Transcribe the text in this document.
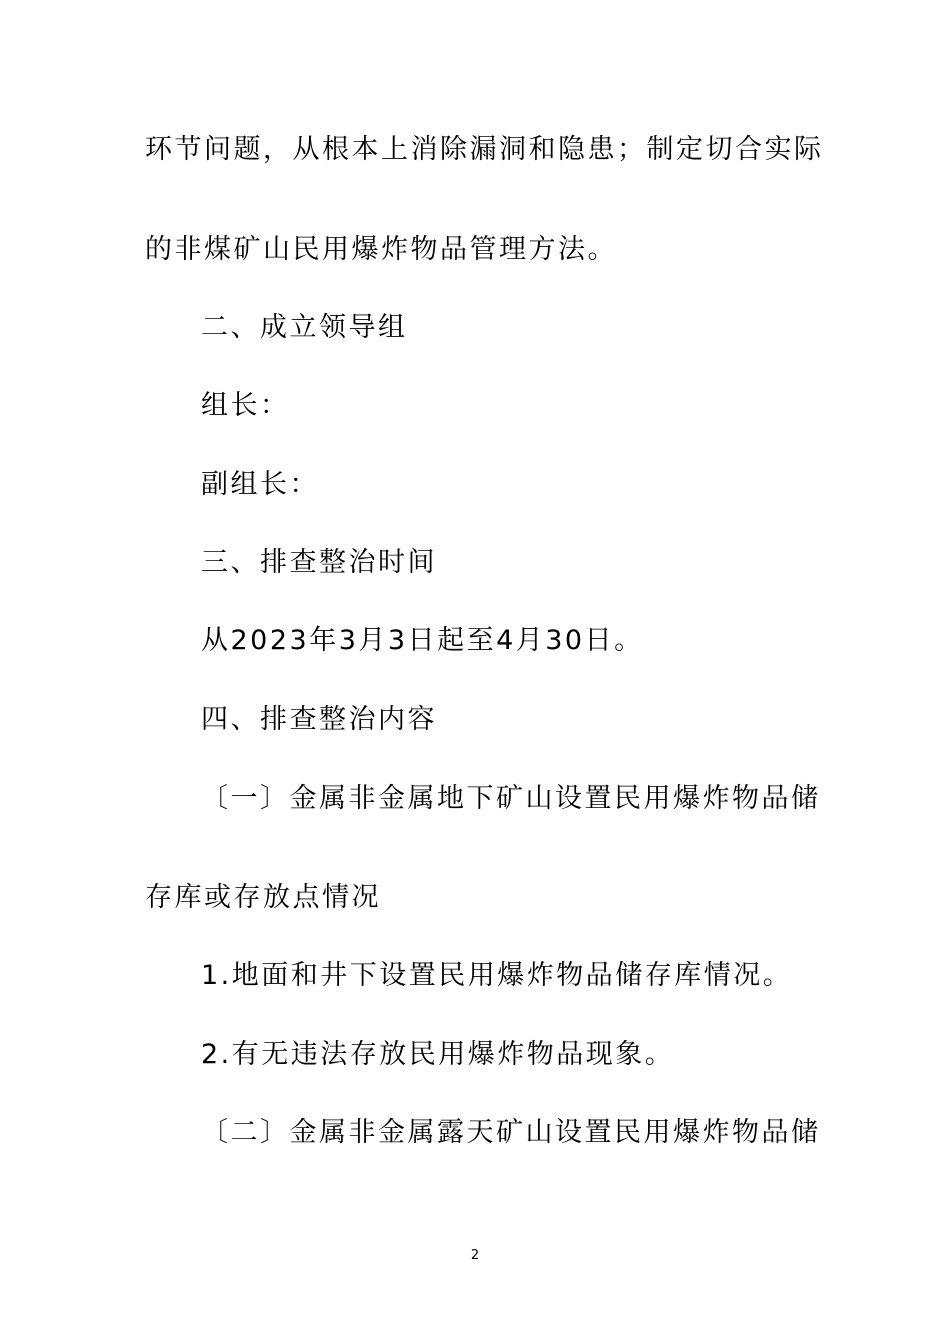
环节问题，从根本上消除漏洞和隐患；制定切合实际
的非煤矿山民用爆炸物品管理方法。
二、成立领导组
组长：
副组长：
三、排查整治时间
从2023年3月3日起至4月30日。
四、排查整治内容
〔一〕金属非金属地下矿山设置民用爆炸物品储
存库或存放点情况
1.地面和井下设置民用爆炸物品储存库情况。
2.有无违法存放民用爆炸物品现象。
〔二〕金属非金属露天矿山设置民用爆炸物品储
2
